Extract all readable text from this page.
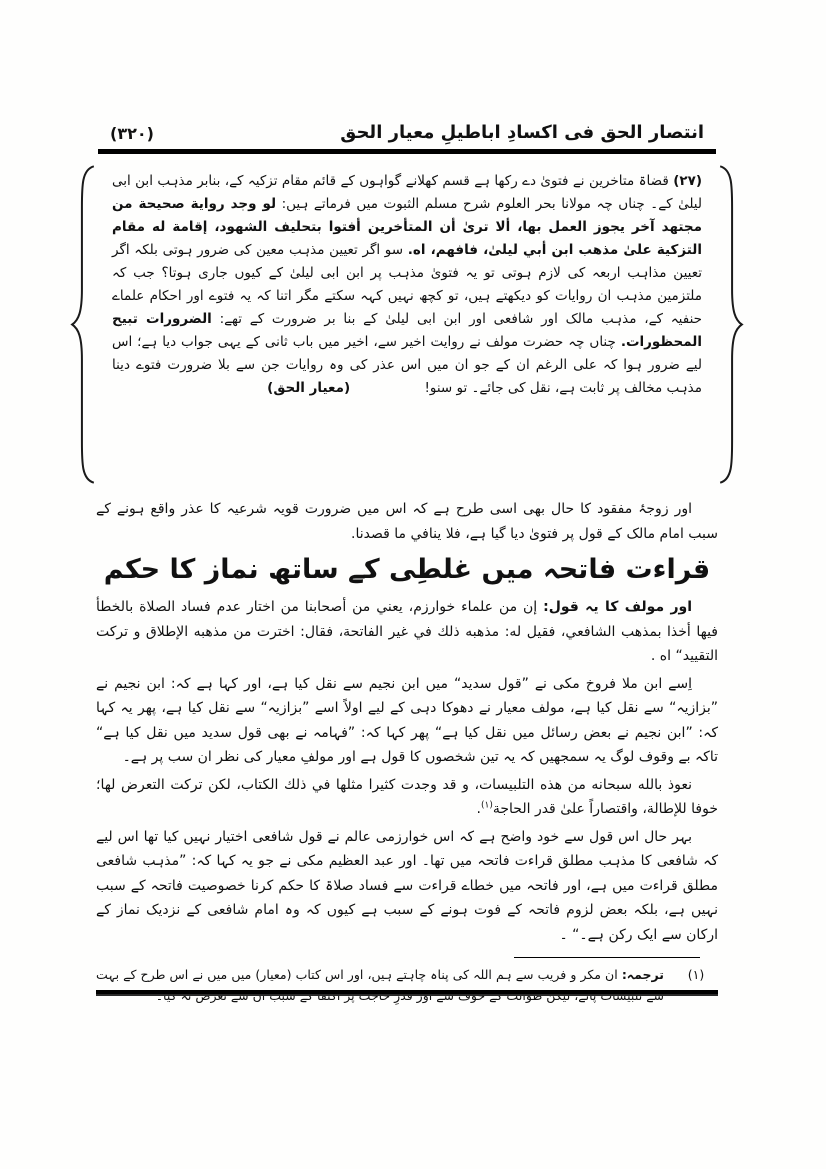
انتصار الحق فی اکسادِ اباطیلِ معیار الحق
(۳۲۰)
(۲۷) قضاۃ متاخرین نے فتویٰ دے رکھا ہے قسم کھلانے گواہوں کے قائم مقام تزکیہ کے، بنابر مذہب ابن ابی لیلیٰ کے۔ چناں چہ مولانا بحر العلوم شرح مسلم الثبوت میں فرماتے ہیں: لو وجد رواية صحيحة من مجتهد آخر يجوز العمل بها، ألا ترىٰ أن المتأخرين أفتوا بتحليف الشهود، إقامة له مقام التزكية علىٰ مذهب ابن أبي ليلىٰ، فافهم، اه. سو اگر تعیین مذہب معین کی ضرور ہوتی بلکہ اگر تعیین مذاہب اربعہ کی لازم ہوتی تو یہ فتویٰ مذہب پر ابن ابی لیلیٰ کے کیوں جاری ہوتا؟ جب کہ ملتزمین مذہب ان روایات کو دیکھتے ہیں، تو کچھ نہیں کہہ سکتے مگر اتنا کہ یہ فتوے اور احکام علماے حنفیہ کے، مذہب مالک اور شافعی اور ابن ابی لیلیٰ کے بنا بر ضرورت کے تھے: الضرورات تبيح المحظورات. چناں چہ حضرت مولف نے روایت اخیر سے، اخیر میں باب ثانی کے یہی جواب دیا ہے؛ اس لیے ضرور ہوا کہ علی الرغم ان کے جو ان میں اس عذر کی وہ روایات جن سے بلا ضرورت فتوے دینا مذہب مخالف پر ثابت ہے، نقل کی جائے۔ تو سنو! (معیار الحق)

اور زوجۂ مفقود کا حال بھی اسی طرح ہے کہ اس میں ضرورت قویہ شرعیہ کا عذر واقع ہونے کے سبب امام مالک کے قول پر فتویٰ دیا گیا ہے، فلا ينافي ما قصدنا.

قراءت فاتحہ میں غلطِی کے ساتھ نماز کا حکم

اور مولف کا یہ قول: إن من علماء خوارزم، يعني من أصحابنا من اختار عدم فساد الصلاة بالخطأ فيها أخذا بمذهب الشافعي، فقيل له: مذهبه ذلك في غير الفاتحة، فقال: اخترت من مذهبه الإطلاق و تركت التقييد“ اه .

اِسے ابن ملا فروخ مکی نے ”قول سدید“ میں ابن نجیم سے نقل کیا ہے، اور کہا ہے کہ: ابن نجیم نے ”بزازیہ“ سے نقل کیا ہے، مولف معیار نے دھوکا دہی کے لیے اولاً اسے ”بزازیہ“ سے نقل کیا ہے، پھر یہ کہا کہ: ”ابن نجیم نے بعض رسائل میں نقل کیا ہے“ پھر کہا کہ: ”فہامہ نے بھی قول سدید میں نقل کیا ہے“ تاکہ بے وقوف لوگ یہ سمجھیں کہ یہ تین شخصوں کا قول ہے اور مولفِ معیار کی نظر ان سب پر ہے۔

نعوذ بالله سبحانه من هذه التلبيسات، و قد وجدت كثيرا مثلها في ذلك الكتاب، لكن تركت التعرض لها؛ خوفا للإطالة، واقتصاراً علىٰ قدر الحاجة$^{(۱)}$.

بہر حال اس قول سے خود واضح ہے کہ اس خوارزمی عالم نے قول شافعی اختیار نہیں کیا تھا اس لیے کہ شافعی کا مذہب مطلق قراءت فاتحہ میں تھا۔ اور عبد العظیم مکی نے جو یہ کہا کہ: ”مذہب شافعی مطلق قراءت میں ہے، اور فاتحہ میں خطاے قراءت سے فساد صلاۃ کا حکم کرنا خصوصیت فاتحہ کے سبب نہیں ہے، بلکہ بعض لزوم فاتحہ کے فوت ہونے کے سبب ہے کیوں کہ وہ امام شافعی کے نزدیک نماز کے ارکان سے ایک رکن ہے۔“ ۔

(۱)
ترجمہ: ان مکر و فریب سے ہم اللہ کی پناہ چاہتے ہیں، اور اس کتاب (معیار) میں میں نے اس طرح کے بہت سے تلبیسات پائے، لیکن طوالت کے خوف سے اور قدرِ حاجت پر اکتفا کے سبب ان سے تعرض نہ کیا۔
